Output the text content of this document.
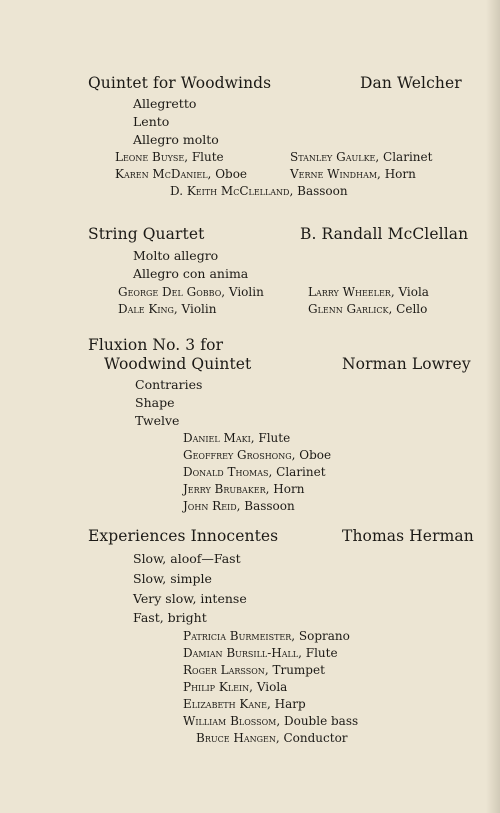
Quintet for Woodwinds	Dan Welcher
Allegretto
Lento
Allegro molto
Leone Buyse, Flute	Stanley Gaulke, Clarinet
Karen McDaniel, Oboe	Verne Windham, Horn
D. Keith McClelland, Bassoon
String Quartet	B. Randall McClellan
Molto allegro
Allegro con anima
George Del Gobbo, Violin	Larry Wheeler, Viola
Dale King, Violin	Glenn Garlick, Cello
Fluxion No. 3 for
Woodwind Quintet	Norman Lowrey
Contraries
Shape
Twelve
Daniel Maki, Flute
Geoffrey Groshong, Oboe
Donald Thomas, Clarinet
Jerry Brubaker, Horn
John Reid, Bassoon
Experiences Innocentes	Thomas Herman
Slow, aloof—Fast
Slow, simple
Very slow, intense
Fast, bright
Patricia Burmeister, Soprano
Damian Bursill-Hall, Flute
Roger Larsson, Trumpet
Philip Klein, Viola
Elizabeth Kane, Harp
William Blossom, Double bass
Bruce Hangen, Conductor
